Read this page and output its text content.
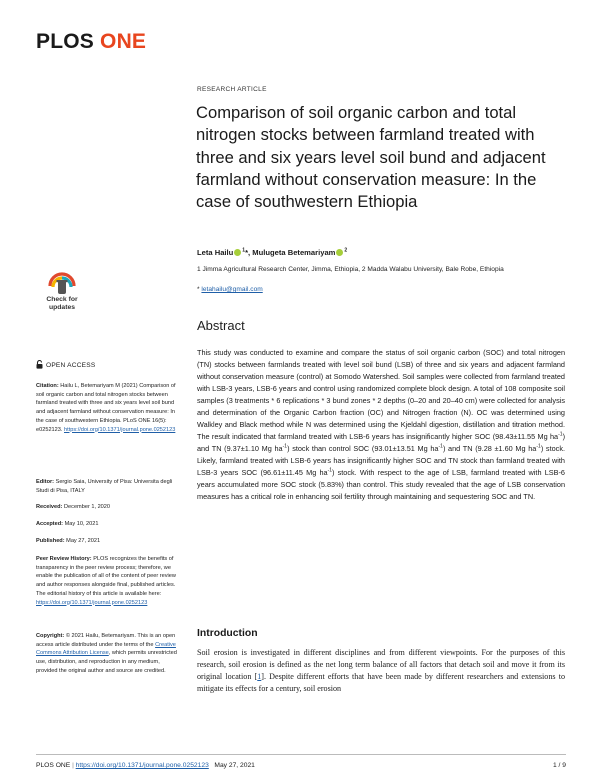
PLOS ONE
RESEARCH ARTICLE
Comparison of soil organic carbon and total nitrogen stocks between farmland treated with three and six years level soil bund and adjacent farmland without conservation measure: In the case of southwestern Ethiopia
Leta Hailu $^1$*, Mulugeta Betemariyam $^2$
1 Jimma Agricultural Research Center, Jimma, Ethiopia, 2 Madda Walabu University, Bale Robe, Ethiopia
* letahailu@gmail.com
Abstract
This study was conducted to examine and compare the status of soil organic carbon (SOC) and total nitrogen (TN) stocks between farmlands treated with level soil bund (LSB) of three and six years and adjacent farmland without conservation measure (control) at Somodo Watershed. Soil samples were collected from farmland treated with LSB-3 years, LSB-6 years and control using randomized complete block design. A total of 108 composite soil samples (3 treatments * 6 replications * 3 bund zones * 2 depths (0–20 and 20–40 cm) were collected for analysis and determination of the Organic Carbon fraction (OC) and Nitrogen fraction (N). OC was determined using Walkley and Black method while N was determined using the Kjeldahl digestion, distillation and titration method. The result indicated that farmland treated with LSB-6 years has insignificantly higher SOC (98.43±11.55 Mg $ha^{-1}$) and TN (9.37±1.10 Mg $ha^{-1}$) stock than control SOC (93.01±13.51 Mg $ha^{-1}$) and TN (9.28 ±1.60 Mg $ha^{-1}$) stock. Likely, farmland treated with LSB-6 years has insignificantly higher SOC and TN stock than farmland treated with LSB-3 years SOC (96.61±11.45 Mg $ha^{-1}$) stock. With respect to the age of LSB, farmland treated with LSB-6 years accumulated more SOC stock (5.83%) than control. This study revealed that the age of LSB conservation measures has a critical role in enhancing soil fertility through maintaining and sequestering SOC and TN.
Introduction
Soil erosion is investigated in different disciplines and from different viewpoints. For the purposes of this research, soil erosion is defined as the net long term balance of all factors that detach soil and move it from its original location [1]. Despite different efforts that have been made by different researchers and extensions to mitigate its effects for a century, soil erosion
Check for
updates
OPEN ACCESS
Citation: Hailu L, Betemariyam M (2021) Comparison of soil organic carbon and total nitrogen stocks between farmland treated with three and six years level soil bund and adjacent farmland without conservation measure: In the case of southwestern Ethiopia. PLoS ONE 16(5): e0252123. https://doi.org/10.1371/journal.pone.0252123
Editor: Sergio Saia, University of Pisa: Universita degli Studi di Pisa, ITALY
Received: December 1, 2020
Accepted: May 10, 2021
Published: May 27, 2021
Peer Review History: PLOS recognizes the benefits of transparency in the peer review process; therefore, we enable the publication of all of the content of peer review and author responses alongside final, published articles. The editorial history of this article is available here: https://doi.org/10.1371/journal.pone.0252123
Copyright: © 2021 Hailu, Betemariyam. This is an open access article distributed under the terms of the Creative Commons Attribution License, which permits unrestricted use, distribution, and reproduction in any medium, provided the original author and source are credited.
PLOS ONE | https://doi.org/10.1371/journal.pone.0252123 May 27, 2021	1 / 9
